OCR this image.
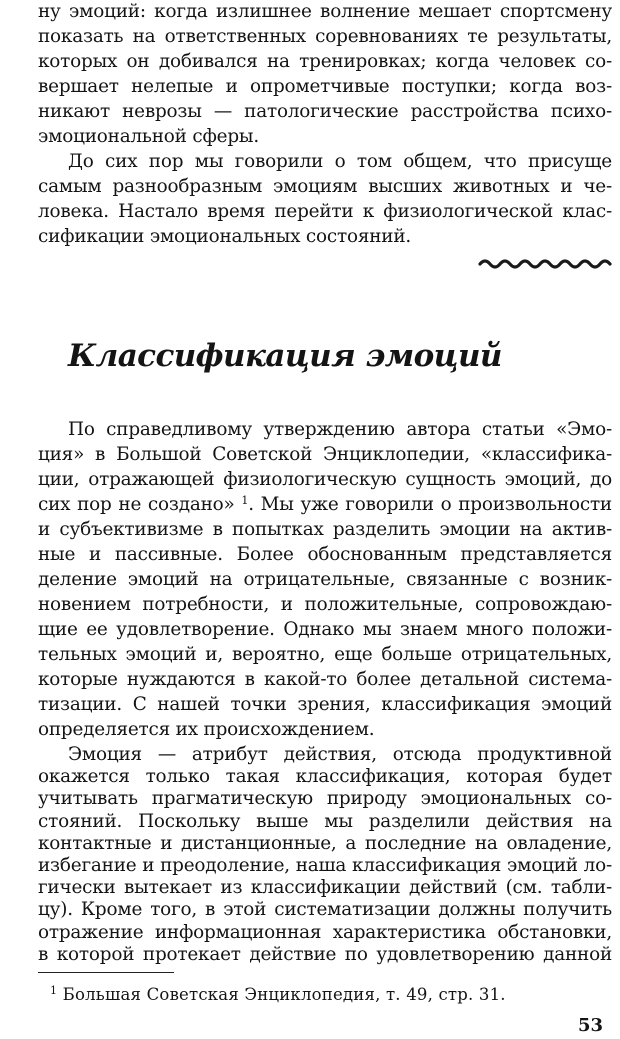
ну эмоций: когда излишнее волнение мешает спортсмену
показать на ответственных соревнованиях те результаты,
которых он добивался на тренировках; когда человек со-
вершает нелепые и опрометчивые поступки; когда воз-
никают неврозы — патологические расстройства психо-
эмоциональной сферы.
До сих пор мы говорили о том общем, что присуще
самым разнообразным эмоциям высших животных и че-
ловека. Настало время перейти к физиологической клас-
сификации эмоциональных состояний.
Классификация эмоций
По справедливому утверждению автора статьи «Эмо-
ция» в Большой Советской Энциклопедии, «классифика-
ции, отражающей физиологическую сущность эмоций, до
сих пор не создано» $^1$. Мы уже говорили о произвольности
и субъективизме в попытках разделить эмоции на актив-
ные и пассивные. Более обоснованным представляется
деление эмоций на отрицательные, связанные с возник-
новением потребности, и положительные, сопровождаю-
щие ее удовлетворение. Однако мы знаем много положи-
тельных эмоций и, вероятно, еще больше отрицательных,
которые нуждаются в какой-то более детальной система-
тизации. С нашей точки зрения, классификация эмоций
определяется их происхождением.
Эмоция — атрибут действия, отсюда продуктивной
окажется только такая классификация, которая будет
учитывать прагматическую природу эмоциональных со-
стояний. Поскольку выше мы разделили действия на
контактные и дистанционные, а последние на овладение,
избегание и преодоление, наша классификация эмоций ло-
гически вытекает из классификации действий (см. табли-
цу). Кроме того, в этой систематизации должны получить
отражение информационная характеристика обстановки,
$^1$ Большая Советская Энциклопедия, т. 49, стр. 31.
53
в которой протекает действие по удовлетворению данной
